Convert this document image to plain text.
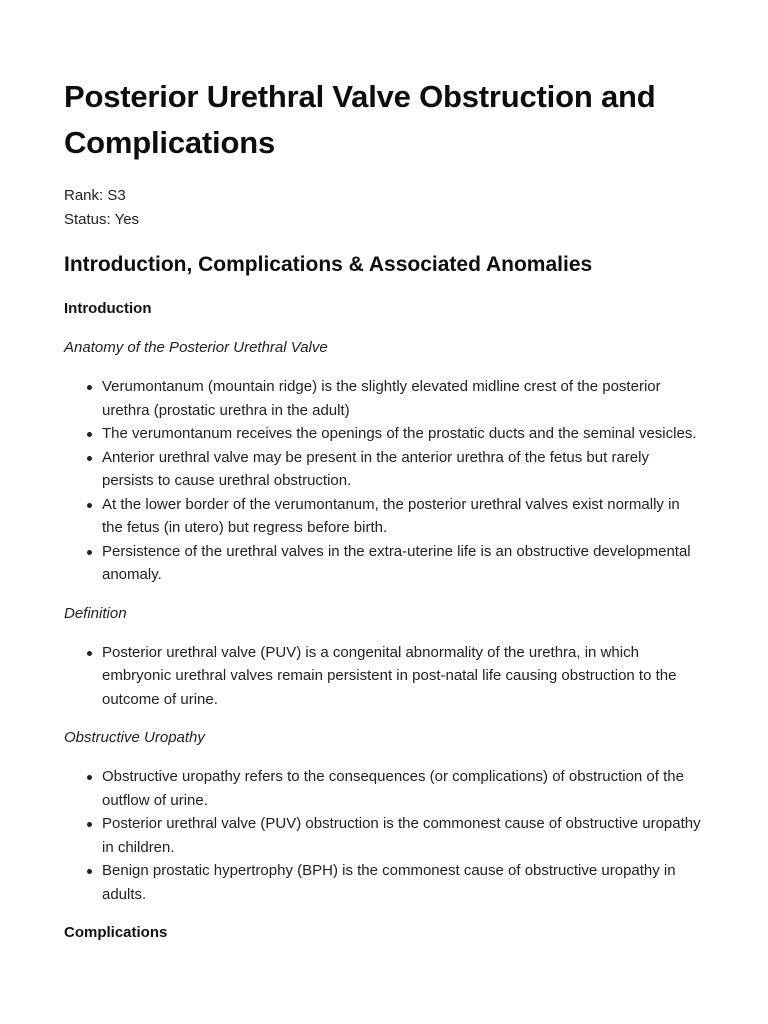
Posterior Urethral Valve Obstruction and Complications
Rank: S3
Status: Yes
Introduction, Complications & Associated Anomalies
Introduction

Anatomy of the Posterior Urethral Valve

Verumontanum (mountain ridge) is the slightly elevated midline crest of the posterior urethra (prostatic urethra in the adult)
The verumontanum receives the openings of the prostatic ducts and the seminal vesicles.
Anterior urethral valve may be present in the anterior urethra of the fetus but rarely persists to cause urethral obstruction.
At the lower border of the verumontanum, the posterior urethral valves exist normally in the fetus (in utero) but regress before birth.
Persistence of the urethral valves in the extra-uterine life is an obstructive developmental anomaly.

Definition

Posterior urethral valve (PUV) is a congenital abnormality of the urethra, in which embryonic urethral valves remain persistent in post-natal life causing obstruction to the outcome of urine.

Obstructive Uropathy

Obstructive uropathy refers to the consequences (or complications) of obstruction of the outflow of urine.
Posterior urethral valve (PUV) obstruction is the commonest cause of obstructive uropathy in children.
Benign prostatic hypertrophy (BPH) is the commonest cause of obstructive uropathy in adults.
Complications
